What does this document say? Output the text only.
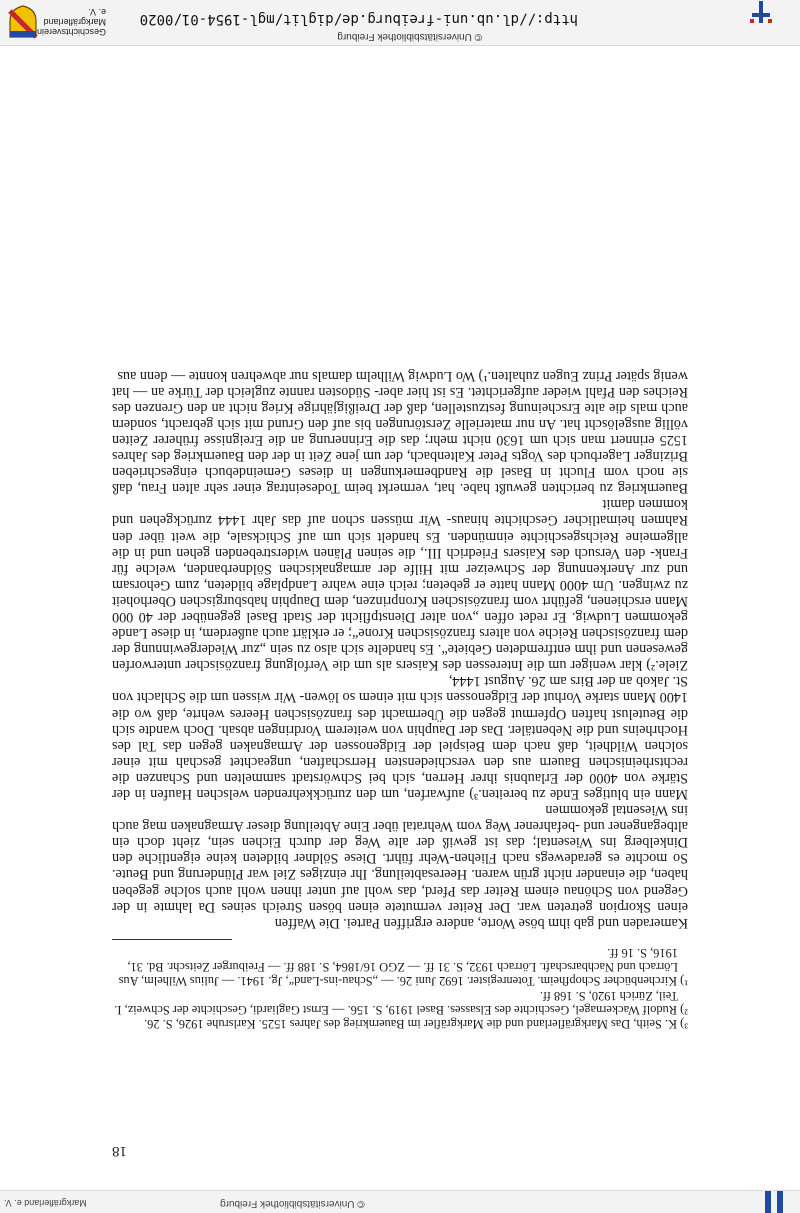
http://dl.ub.uni-freiburg.de/diglit/mgl-1954-01/0020
© Universitätsbibliothek Freiburg
Geschichtsverein
Markgräflerland e. V.
18

³) K. Seith, Das Markgräflerland und die Markgräfler im Bauernkrieg des Jahres 1525. Karlsruhe 1926, S. 26.

²) Rudolf Wackernagel, Geschichte des Elsasses. Basel 1919, S. 156. — Ernst Gagliardi, Geschichte der Schweiz, I. Teil, Zürich 1920, S. 168 ff.

¹) Kirchenbücher Schopfheim. Totenregister. 1692 Juni 26. — „Schau-ins-Land“, Jg. 1941. — Julius Wilhelm, Aus Lörrach und Nachbarschaft. Lörrach 1932, S. 31 ff. — ZGO 16/1864, S. 188 ff. — Freiburger Zeitschr. Bd. 31, 1916, S. 16 ff.

Kameraden und gab ihm böse Worte, andere ergriffen Partei. Die Waffen

einen Skorpion getreten war. Der Reiter vermutete einen bösen Streich seines Da lahmte in der Gegend von Schönau einem Reiter das Pferd, das wohl auf unter ihnen wohl auch solche gegeben haben, die einander nicht grün waren. Heeresabteilung. Ihr einziges Ziel war Plünderung und Beute. So mochte es geradewegs nach Fliehen-Wehr führt. Diese Söldner bildeten keine eigentliche den Dinkelberg ins Wiesental; das ist gewiß der alte Weg der durch Eichen sein, zieht doch ein altbegangener und -befahrener Weg vom Wehratal über Eine Abteilung dieser Armagnaken mag auch ins Wiesental gekommen

Mann ein blutiges Ende zu bereiten.³) aufwarfen, um den zurückkehrenden welschen Haufen in der Stärke von 4000 der Erlaubnis ihrer Herren, sich bei Schwörstadt sammelten und Schanzen die rechtsrheinischen Bauern aus den verschiedensten Herrschaften, ungeachtet geschah mit einer solchen Wildheit, daß nach dem Beispiel der Eidgenossen der Armagnaken gegen das Tal des Hochrheins und die Nebentäler. Das der Dauphin von weiterem Vordringen absah. Doch wandte sich die Beutelust haften Opfermut gegen die Übermacht des französischen Heeres wehrte, daß wo die 1400 Mann starke Vorhut der Eidgenossen sich mit einem so löwen- Wir wissen um die Schlacht von St. Jakob an der Birs am 26. August 1444,

Ziele.²) klar weniger um die Interessen des Kaisers als um die Verfolgung französischer unterworfen gewesenen und ihm entfremdeten Gebiete“. Es handelte sich also zu sein „zur Wiedergewinnung der dem französischen Reiche von alters französischen Krone“; er erklärt auch außerdem, in diese Lande gekommen Ludwig. Er redet offen „von alter Dienstpflicht der Stadt Basel gegenüber der 40 000 Mann erschienen, geführt vom französischen Kronprinzen, dem Dauphin habsburgischen Oberhoheit zu zwingen. Um 4000 Mann hatte er gebeten; reich eine wahre Landplage bildeten, zum Gehorsam und zur Anerkennung der Schweizer mit Hilfe der armagnakischen Söldnerbanden, welche für Frank- den Versuch des Kaisers Friedrich III., die seinen Plänen widerstrebenden gehen und in die allgemeine Reichsgeschichte einmünden. Es handelt sich um auf Schicksale, die weit über den Rahmen heimatlicher Geschichte hinaus- Wir müssen schon auf das Jahr 1444 zurückgehen und kommen damit

Bauernkrieg zu berichten gewußt habe. hat, vermerkt beim Todeseintrag einer sehr alten Frau, daß sie noch vom Flucht in Basel die Randbemerkungen in dieses Gemeindebuch eingeschrieben Brizinger Lagerbuch des Vogts Peter Kaltenbach, der um jene Zeit in der den Bauernkrieg des Jahres 1525 erinnert man sich um 1630 nicht mehr; das die Erinnerung an die Ereignisse früherer Zeiten völlig ausgelöscht hat. An nur materielle Zerstörungen bis auf den Grund mit sich gebracht, sondern auch mals die alte Erscheinung festzustellen, daß der Dreißigjährige Krieg nicht an den Grenzen des Reiches den Pfahl wieder aufgerichtet. Es ist hier aber- Südosten rannte zugleich der Türke an — hat wenig später Prinz Eugen zuhalten.¹) Wo Ludwig Wilhelm damals nur abwehren konnte — denn aus

© Universitätsbibliothek Freiburg
Markgräflerland e. V.
